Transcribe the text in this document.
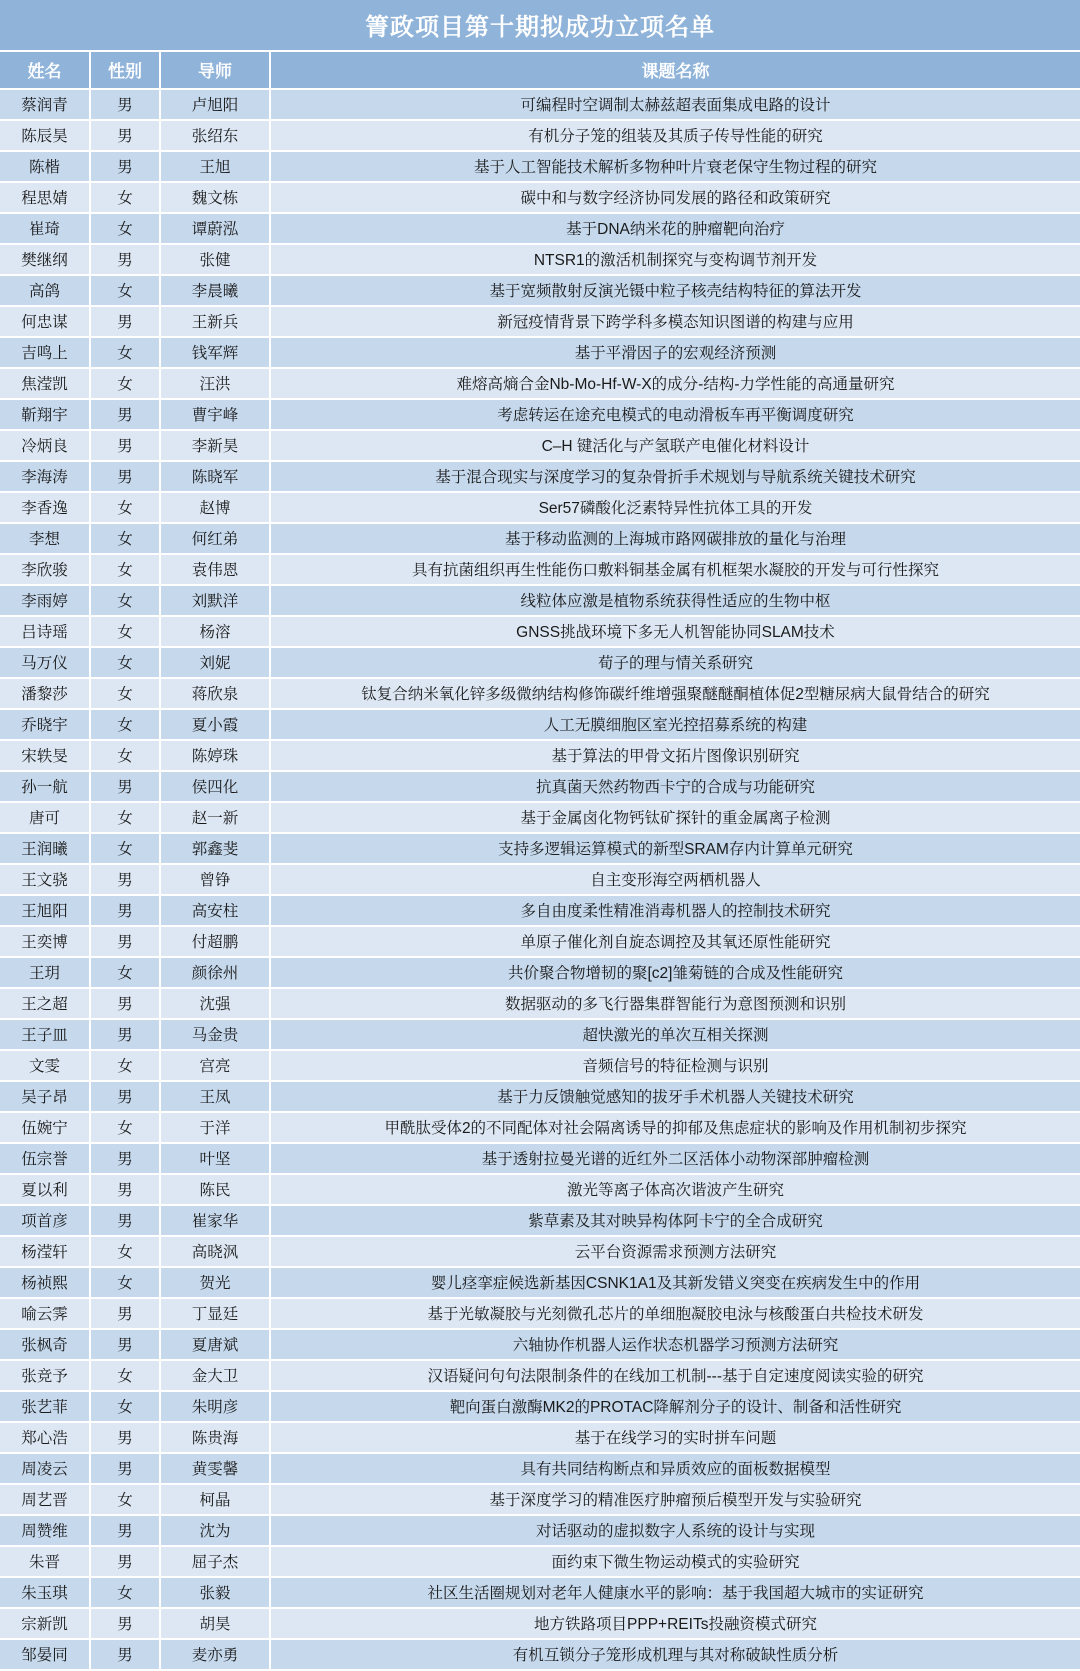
箐政项目第十期拟成功立项名单
姓名	性别	导师	课题名称
蔡润青	男	卢旭阳	可编程时空调制太赫兹超表面集成电路的设计
陈辰昊	男	张绍东	有机分子笼的组装及其质子传导性能的研究
陈楷	男	王旭	基于人工智能技术解析多物种叶片衰老保守生物过程的研究
程思婧	女	魏文栋	碳中和与数字经济协同发展的路径和政策研究
崔琦	女	谭蔚泓	基于DNA纳米花的肿瘤靶向治疗
樊继纲	男	张健	NTSR1的激活机制探究与变构调节剂开发
高鸽	女	李晨曦	基于宽频散射反演光镊中粒子核壳结构特征的算法开发
何忠谋	男	王新兵	新冠疫情背景下跨学科多模态知识图谱的构建与应用
吉鸣上	女	钱军辉	基于平滑因子的宏观经济预测
焦滢凯	女	汪洪	难熔高熵合金Nb-Mo-Hf-W-X的成分-结构-力学性能的高通量研究
靳翔宇	男	曹宇峰	考虑转运在途充电模式的电动滑板车再平衡调度研究
冷炳良	男	李新昊	C–H 键活化与产氢联产电催化材料设计
李海涛	男	陈晓军	基于混合现实与深度学习的复杂骨折手术规划与导航系统关键技术研究
李香逸	女	赵博	Ser57磷酸化泛素特异性抗体工具的开发
李想	女	何红弟	基于移动监测的上海城市路网碳排放的量化与治理
李欣骏	女	袁伟恩	具有抗菌组织再生性能伤口敷料铜基金属有机框架水凝胶的开发与可行性探究
李雨婷	女	刘默洋	线粒体应激是植物系统获得性适应的生物中枢
吕诗瑶	女	杨溶	GNSS挑战环境下多无人机智能协同SLAM技术
马万仪	女	刘妮	荀子的理与情关系研究
潘黎莎	女	蒋欣泉	钛复合纳米氧化锌多级微纳结构修饰碳纤维增强聚醚醚酮植体促2型糖尿病大鼠骨结合的研究
乔晓宇	女	夏小霞	人工无膜细胞区室光控招募系统的构建
宋轶旻	女	陈婷珠	基于算法的甲骨文拓片图像识别研究
孙一航	男	侯四化	抗真菌天然药物西卡宁的合成与功能研究
唐可	女	赵一新	基于金属卤化物钙钛矿探针的重金属离子检测
王润曦	女	郭鑫斐	支持多逻辑运算模式的新型SRAM存内计算单元研究
王文骁	男	曾铮	自主变形海空两栖机器人
王旭阳	男	高安柱	多自由度柔性精准消毒机器人的控制技术研究
王奕博	男	付超鹏	单原子催化剂自旋态调控及其氧还原性能研究
王玥	女	颜徐州	共价聚合物增韧的聚[c2]雏菊链的合成及性能研究
王之超	男	沈强	数据驱动的多飞行器集群智能行为意图预测和识别
王子皿	男	马金贵	超快激光的单次互相关探测
文雯	女	宫亮	音频信号的特征检测与识别
吴子昂	男	王凤	基于力反馈触觉感知的拔牙手术机器人关键技术研究
伍婉宁	女	于洋	甲酰肽受体2的不同配体对社会隔离诱导的抑郁及焦虑症状的影响及作用机制初步探究
伍宗誉	男	叶坚	基于透射拉曼光谱的近红外二区活体小动物深部肿瘤检测
夏以利	男	陈民	激光等离子体高次谐波产生研究
项首彦	男	崔家华	紫草素及其对映异构体阿卡宁的全合成研究
杨滢轩	女	高晓沨	云平台资源需求预测方法研究
杨祯熙	女	贺光	婴儿痉挛症候选新基因CSNK1A1及其新发错义突变在疾病发生中的作用
喻云霁	男	丁显廷	基于光敏凝胶与光刻微孔芯片的单细胞凝胶电泳与核酸蛋白共检技术研发
张枫奇	男	夏唐斌	六轴协作机器人运作状态机器学习预测方法研究
张竞予	女	金大卫	汉语疑问句句法限制条件的在线加工机制---基于自定速度阅读实验的研究
张艺菲	女	朱明彦	靶向蛋白激酶MK2的PROTAC降解剂分子的设计、制备和活性研究
郑心浩	男	陈贵海	基于在线学习的实时拼车问题
周凌云	男	黄雯馨	具有共同结构断点和异质效应的面板数据模型
周艺晋	女	柯晶	基于深度学习的精准医疗肿瘤预后模型开发与实验研究
周赞维	男	沈为	对话驱动的虚拟数字人系统的设计与实现
朱晋	男	屈子杰	面约束下微生物运动模式的实验研究
朱玉琪	女	张毅	社区生活圈规划对老年人健康水平的影响：基于我国超大城市的实证研究
宗新凯	男	胡昊	地方铁路项目PPP+REITs投融资模式研究
邹晏同	男	麦亦勇	有机互锁分子笼形成机理与其对称破缺性质分析
